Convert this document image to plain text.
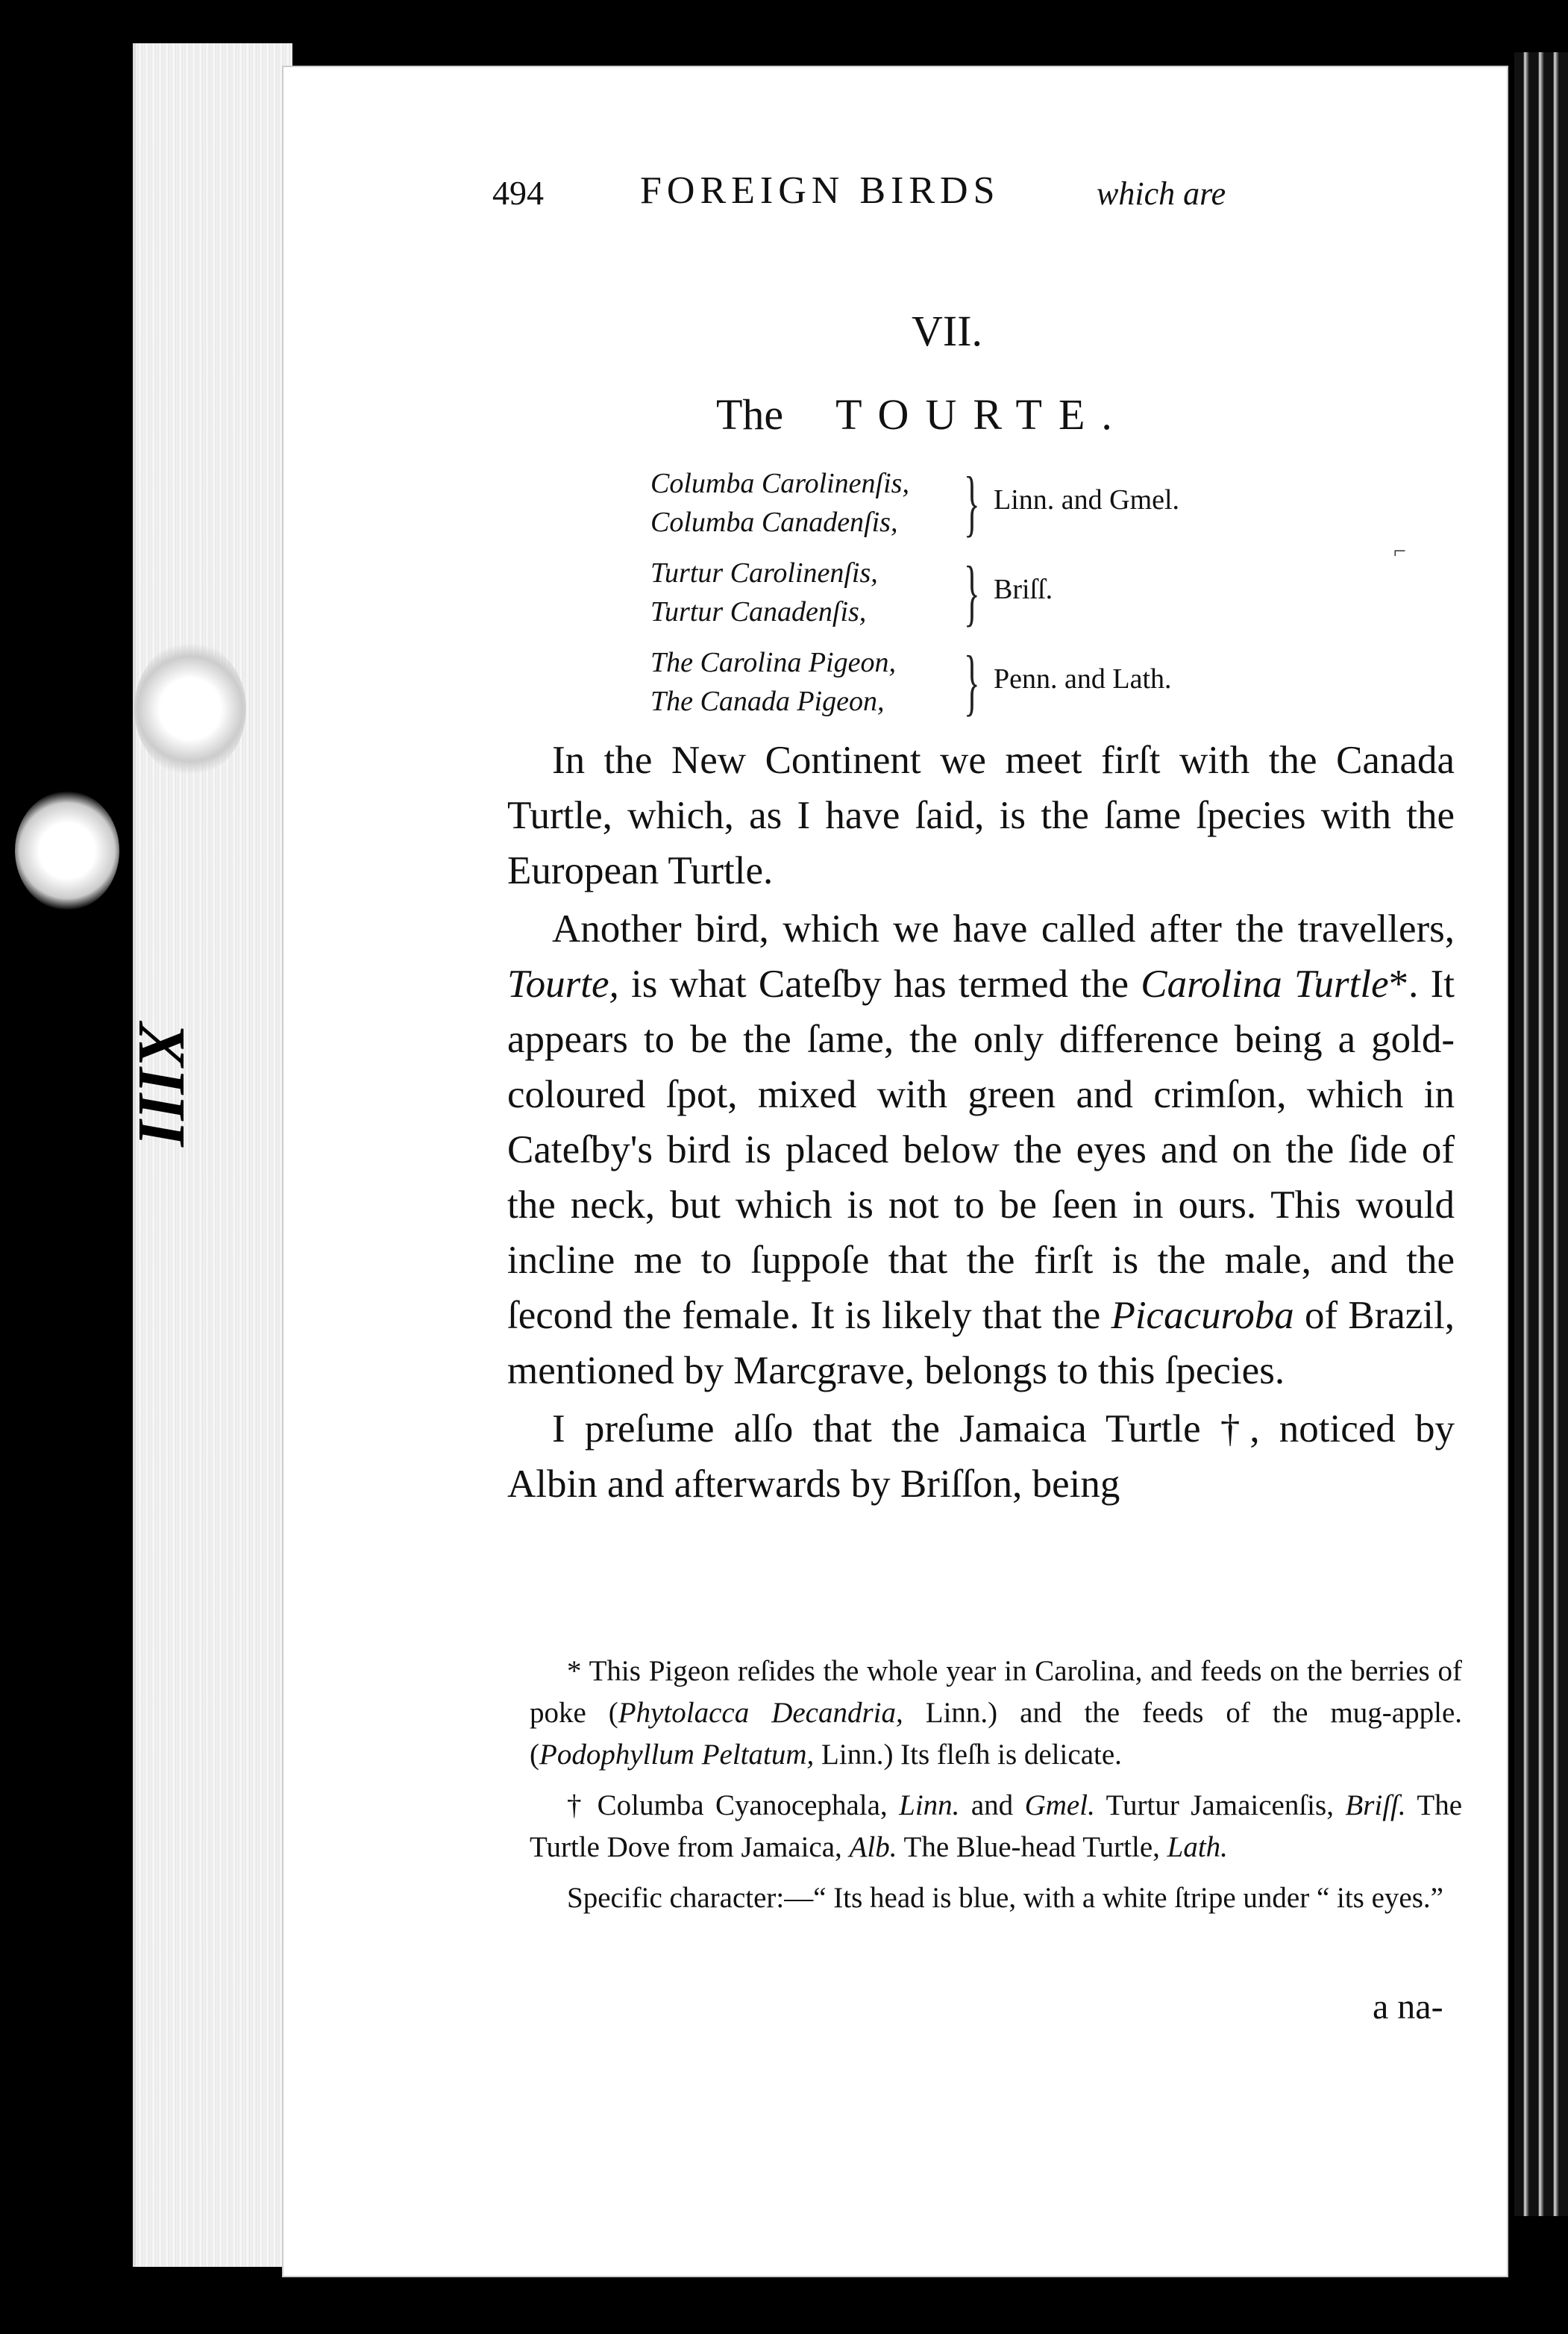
XIII
494 FOREIGN BIRDS	which are
VII.
The TOURTE.
Columba Carolinenſis,
Columba Canadenſis, } Linn. and Gmel.
Turtur Carolinenſis,
Turtur Canadenſis, } Briſſ.
The Carolina Pigeon,
The Canada Pigeon, } Penn. and Lath.
⌐

In the New Continent we meet firſt with the Canada Turtle, which, as I have ſaid, is the ſame ſpecies with the European Turtle.

Another bird, which we have called after the travellers, Tourte, is what Cateſby has termed the Carolina Turtle*. It appears to be the ſame, the only difference being a gold-coloured ſpot, mixed with green and crimſon, which in Cateſby's bird is placed below the eyes and on the ſide of the neck, but which is not to be ſeen in ours. This would incline me to ſuppoſe that the firſt is the male, and the ſecond the female. It is likely that the Picacuroba of Brazil, mentioned by Marcgrave, belongs to this ſpecies.

I preſume alſo that the Jamaica Turtle †, noticed by Albin and afterwards by Briſſon, being

* This Pigeon reſides the whole year in Carolina, and feeds on the berries of poke (Phytolacca Decandria, Linn.) and the feeds of the mug-apple. (Podophyllum Peltatum, Linn.) Its fleſh is delicate.

† Columba Cyanocephala, Linn. and Gmel. Turtur Jamaicenſis, Briſſ. The Turtle Dove from Jamaica, Alb. The Blue-head Turtle, Lath.

Specific character:—“ Its head is blue, with a white ſtripe under “ its eyes.”

a na-
